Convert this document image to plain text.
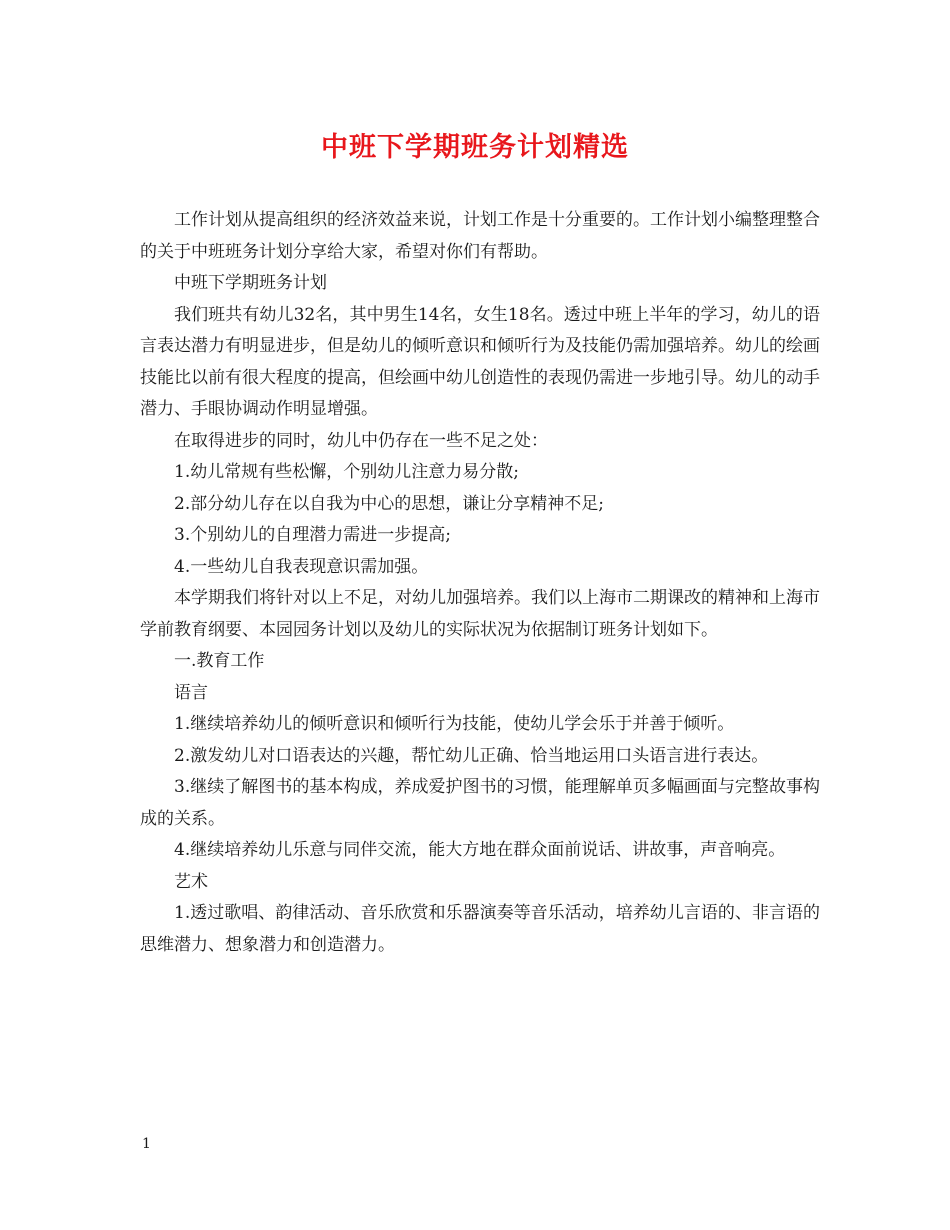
中班下学期班务计划精选

工作计划从提高组织的经济效益来说，计划工作是十分重要的。工作计划小编整理整合的关于中班班务计划分享给大家，希望对你们有帮助。

中班下学期班务计划

我们班共有幼儿32名，其中男生14名，女生18名。透过中班上半年的学习，幼儿的语言表达潜力有明显进步，但是幼儿的倾听意识和倾听行为及技能仍需加强培养。幼儿的绘画技能比以前有很大程度的提高，但绘画中幼儿创造性的表现仍需进一步地引导。幼儿的动手潜力、手眼协调动作明显增强。

在取得进步的同时，幼儿中仍存在一些不足之处：

1.幼儿常规有些松懈，个别幼儿注意力易分散;

2.部分幼儿存在以自我为中心的思想，谦让分享精神不足;

3.个别幼儿的自理潜力需进一步提高;

4.一些幼儿自我表现意识需加强。

本学期我们将针对以上不足，对幼儿加强培养。我们以上海市二期课改的精神和上海市学前教育纲要、本园园务计划以及幼儿的实际状况为依据制订班务计划如下。

一.教育工作

语言

1.继续培养幼儿的倾听意识和倾听行为技能，使幼儿学会乐于并善于倾听。

2.激发幼儿对口语表达的兴趣，帮忙幼儿正确、恰当地运用口头语言进行表达。

3.继续了解图书的基本构成，养成爱护图书的习惯，能理解单页多幅画面与完整故事构成的关系。

4.继续培养幼儿乐意与同伴交流，能大方地在群众面前说话、讲故事，声音响亮。

艺术

1.透过歌唱、韵律活动、音乐欣赏和乐器演奏等音乐活动，培养幼儿言语的、非言语的思维潜力、想象潜力和创造潜力。

1
